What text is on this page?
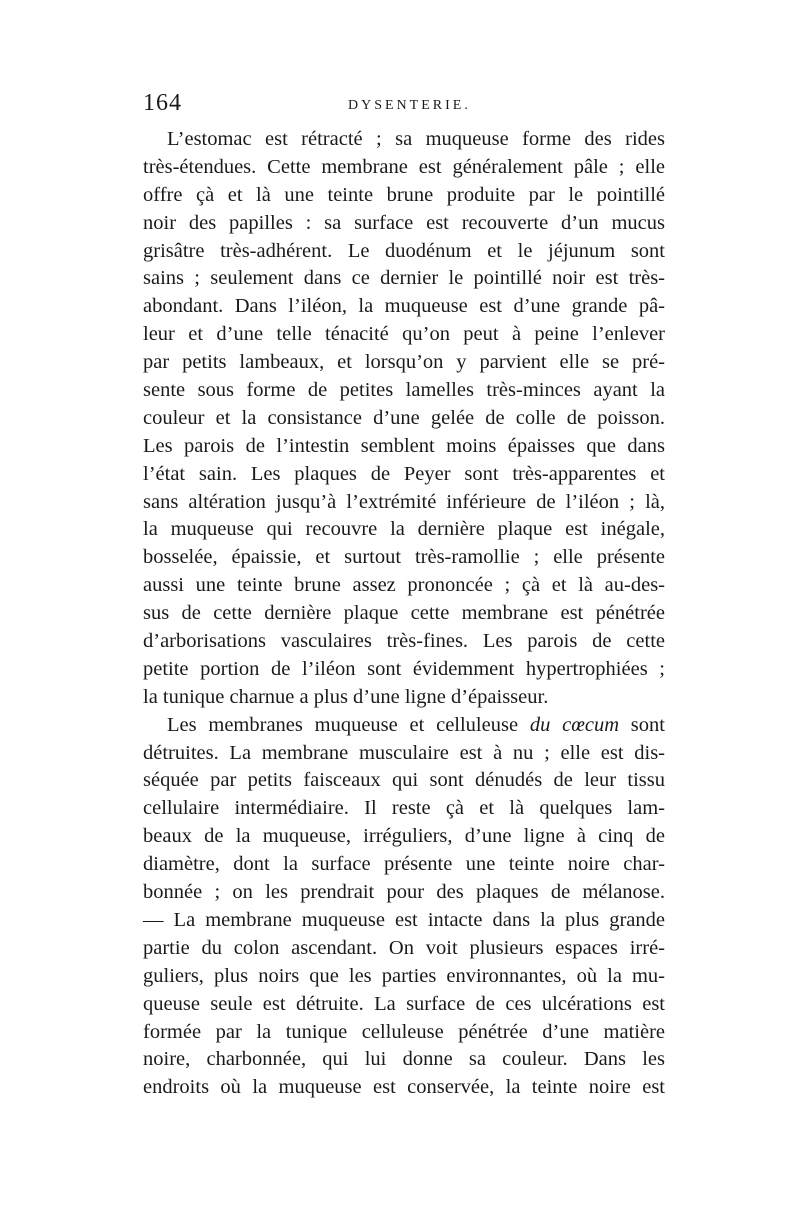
164	DYSENTERIE.
L’estomac est rétracté ; sa muqueuse forme des rides
très-étendues. Cette membrane est généralement pâle ; elle
offre çà et là une teinte brune produite par le pointillé
noir des papilles : sa surface est recouverte d’un mucus
grisâtre très-adhérent. Le duodénum et le jéjunum sont
sains ; seulement dans ce dernier le pointillé noir est très-
abondant. Dans l’iléon, la muqueuse est d’une grande pâ-
leur et d’une telle ténacité qu’on peut à peine l’enlever
par petits lambeaux, et lorsqu’on y parvient elle se pré-
sente sous forme de petites lamelles très-minces ayant la
couleur et la consistance d’une gelée de colle de poisson.
Les parois de l’intestin semblent moins épaisses que dans
l’état sain. Les plaques de Peyer sont très-apparentes et
sans altération jusqu’à l’extrémité inférieure de l’iléon ; là,
la muqueuse qui recouvre la dernière plaque est inégale,
bosselée, épaissie, et surtout très-ramollie ; elle présente
aussi une teinte brune assez prononcée ; çà et là au-des-
sus de cette dernière plaque cette membrane est pénétrée
d’arborisations vasculaires très-fines. Les parois de cette
petite portion de l’iléon sont évidemment hypertrophiées ;
la tunique charnue a plus d’une ligne d’épaisseur.
Les membranes muqueuse et celluleuse du cœcum sont
détruites. La membrane musculaire est à nu ; elle est dis-
séquée par petits faisceaux qui sont dénudés de leur tissu
cellulaire intermédiaire. Il reste çà et là quelques lam-
beaux de la muqueuse, irréguliers, d’une ligne à cinq de
diamètre, dont la surface présente une teinte noire char-
bonnée ; on les prendrait pour des plaques de mélanose.
— La membrane muqueuse est intacte dans la plus grande
partie du colon ascendant. On voit plusieurs espaces irré-
guliers, plus noirs que les parties environnantes, où la mu-
queuse seule est détruite. La surface de ces ulcérations est
formée par la tunique celluleuse pénétrée d’une matière
noire, charbonnée, qui lui donne sa couleur. Dans les
endroits où la muqueuse est conservée, la teinte noire est
